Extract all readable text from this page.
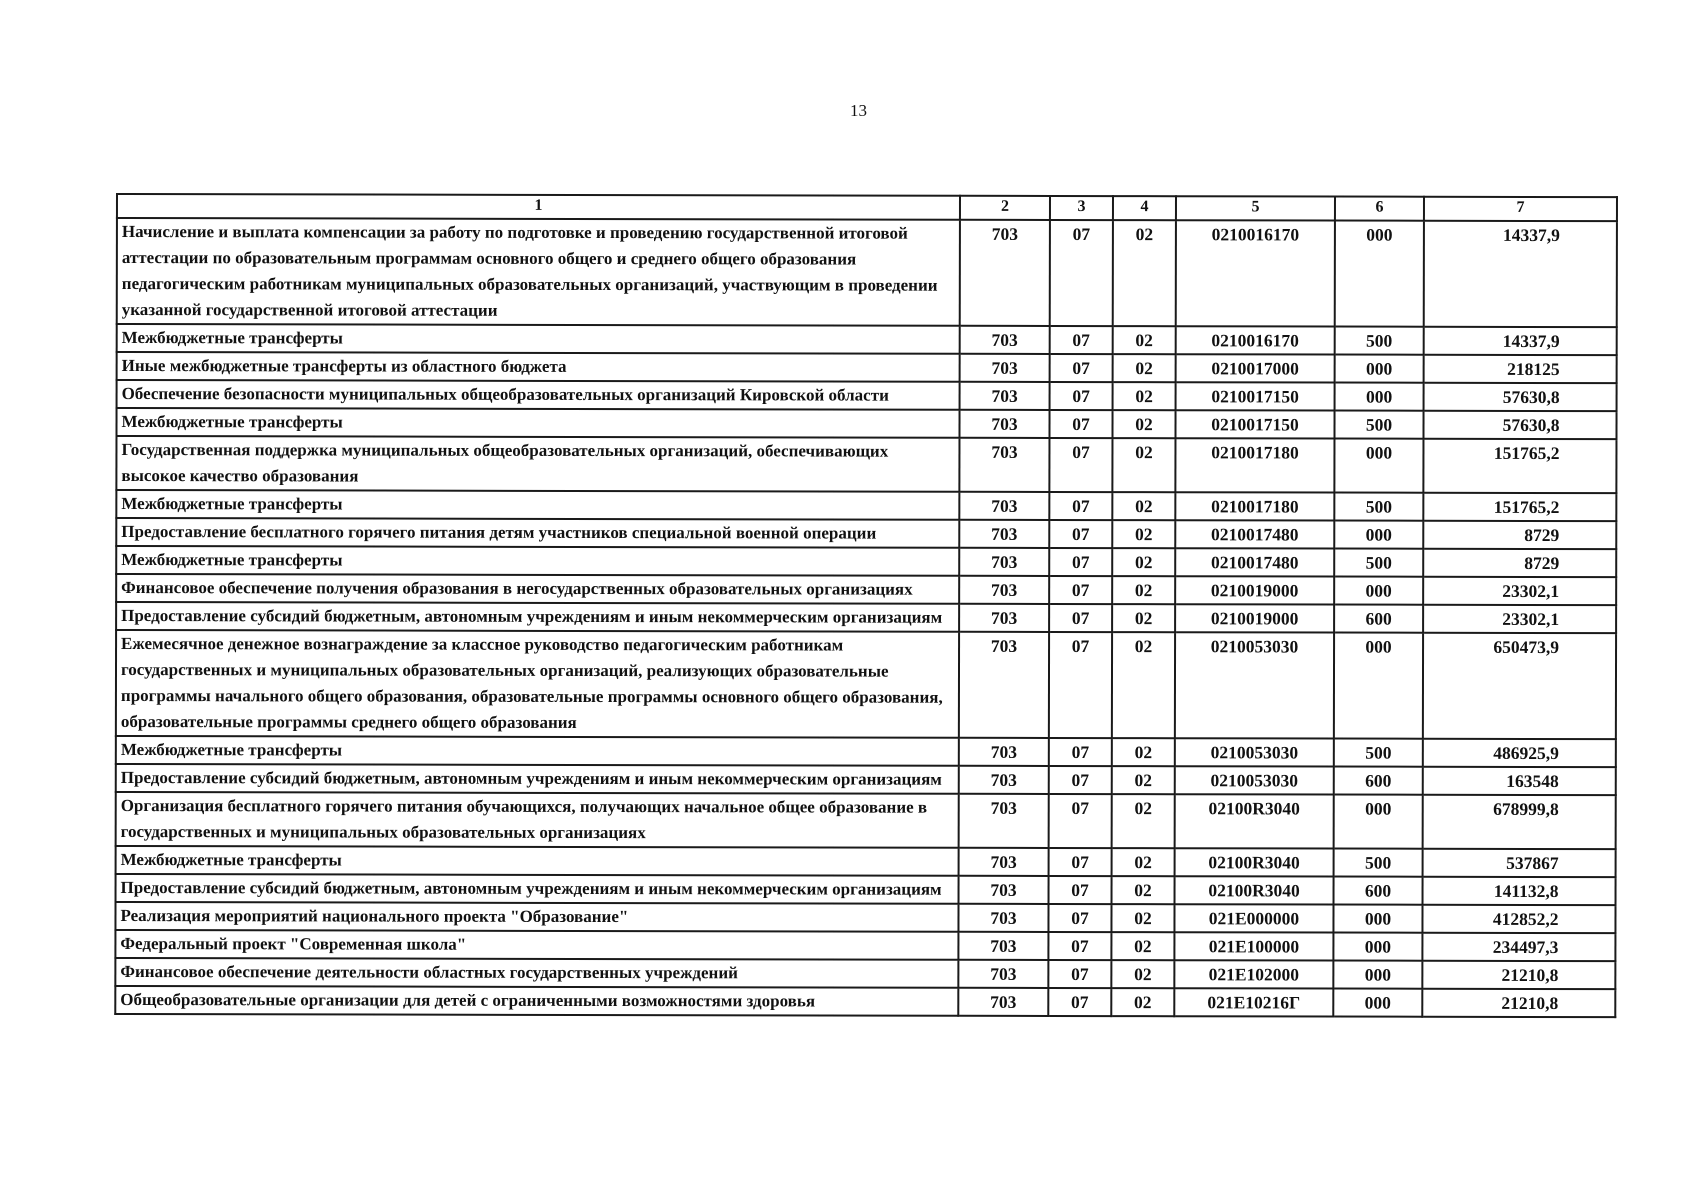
13
1	2	3	4	5	6	7
Начисление и выплата компенсации за работу по подготовке и проведению государственной итоговой аттестации по образовательным программам основного общего и среднего общего образования педагогическим работникам муниципальных образовательных организаций, участвующим в проведении указанной государственной итоговой аттестации	703	07	02	0210016170	000	14337,9
Межбюджетные трансферты	703	07	02	0210016170	500	14337,9
Иные межбюджетные трансферты из областного бюджета	703	07	02	0210017000	000	218125
Обеспечение безопасности муниципальных общеобразовательных организаций Кировской области	703	07	02	0210017150	000	57630,8
Межбюджетные трансферты	703	07	02	0210017150	500	57630,8
Государственная поддержка муниципальных общеобразовательных организаций, обеспечивающих высокое качество образования	703	07	02	0210017180	000	151765,2
Межбюджетные трансферты	703	07	02	0210017180	500	151765,2
Предоставление бесплатного горячего питания детям участников специальной военной операции	703	07	02	0210017480	000	8729
Межбюджетные трансферты	703	07	02	0210017480	500	8729
Финансовое обеспечение получения образования в негосударственных образовательных организациях	703	07	02	0210019000	000	23302,1
Предоставление субсидий бюджетным, автономным учреждениям и иным некоммерческим организациям	703	07	02	0210019000	600	23302,1
Ежемесячное денежное вознаграждение за классное руководство педагогическим работникам государственных и муниципальных образовательных организаций, реализующих образовательные программы начального общего образования, образовательные программы основного общего образования, образовательные программы среднего общего образования	703	07	02	0210053030	000	650473,9
Межбюджетные трансферты	703	07	02	0210053030	500	486925,9
Предоставление субсидий бюджетным, автономным учреждениям и иным некоммерческим организациям	703	07	02	0210053030	600	163548
Организация бесплатного горячего питания обучающихся, получающих начальное общее образование в государственных и муниципальных образовательных организациях	703	07	02	02100R3040	000	678999,8
Межбюджетные трансферты	703	07	02	02100R3040	500	537867
Предоставление субсидий бюджетным, автономным учреждениям и иным некоммерческим организациям	703	07	02	02100R3040	600	141132,8
Реализация мероприятий национального проекта "Образование"	703	07	02	021E000000	000	412852,2
Федеральный проект "Современная школа"	703	07	02	021E100000	000	234497,3
Финансовое обеспечение деятельности областных государственных учреждений	703	07	02	021E102000	000	21210,8
Общеобразовательные организации для детей с ограниченными возможностями здоровья	703	07	02	021E10216Г	000	21210,8
